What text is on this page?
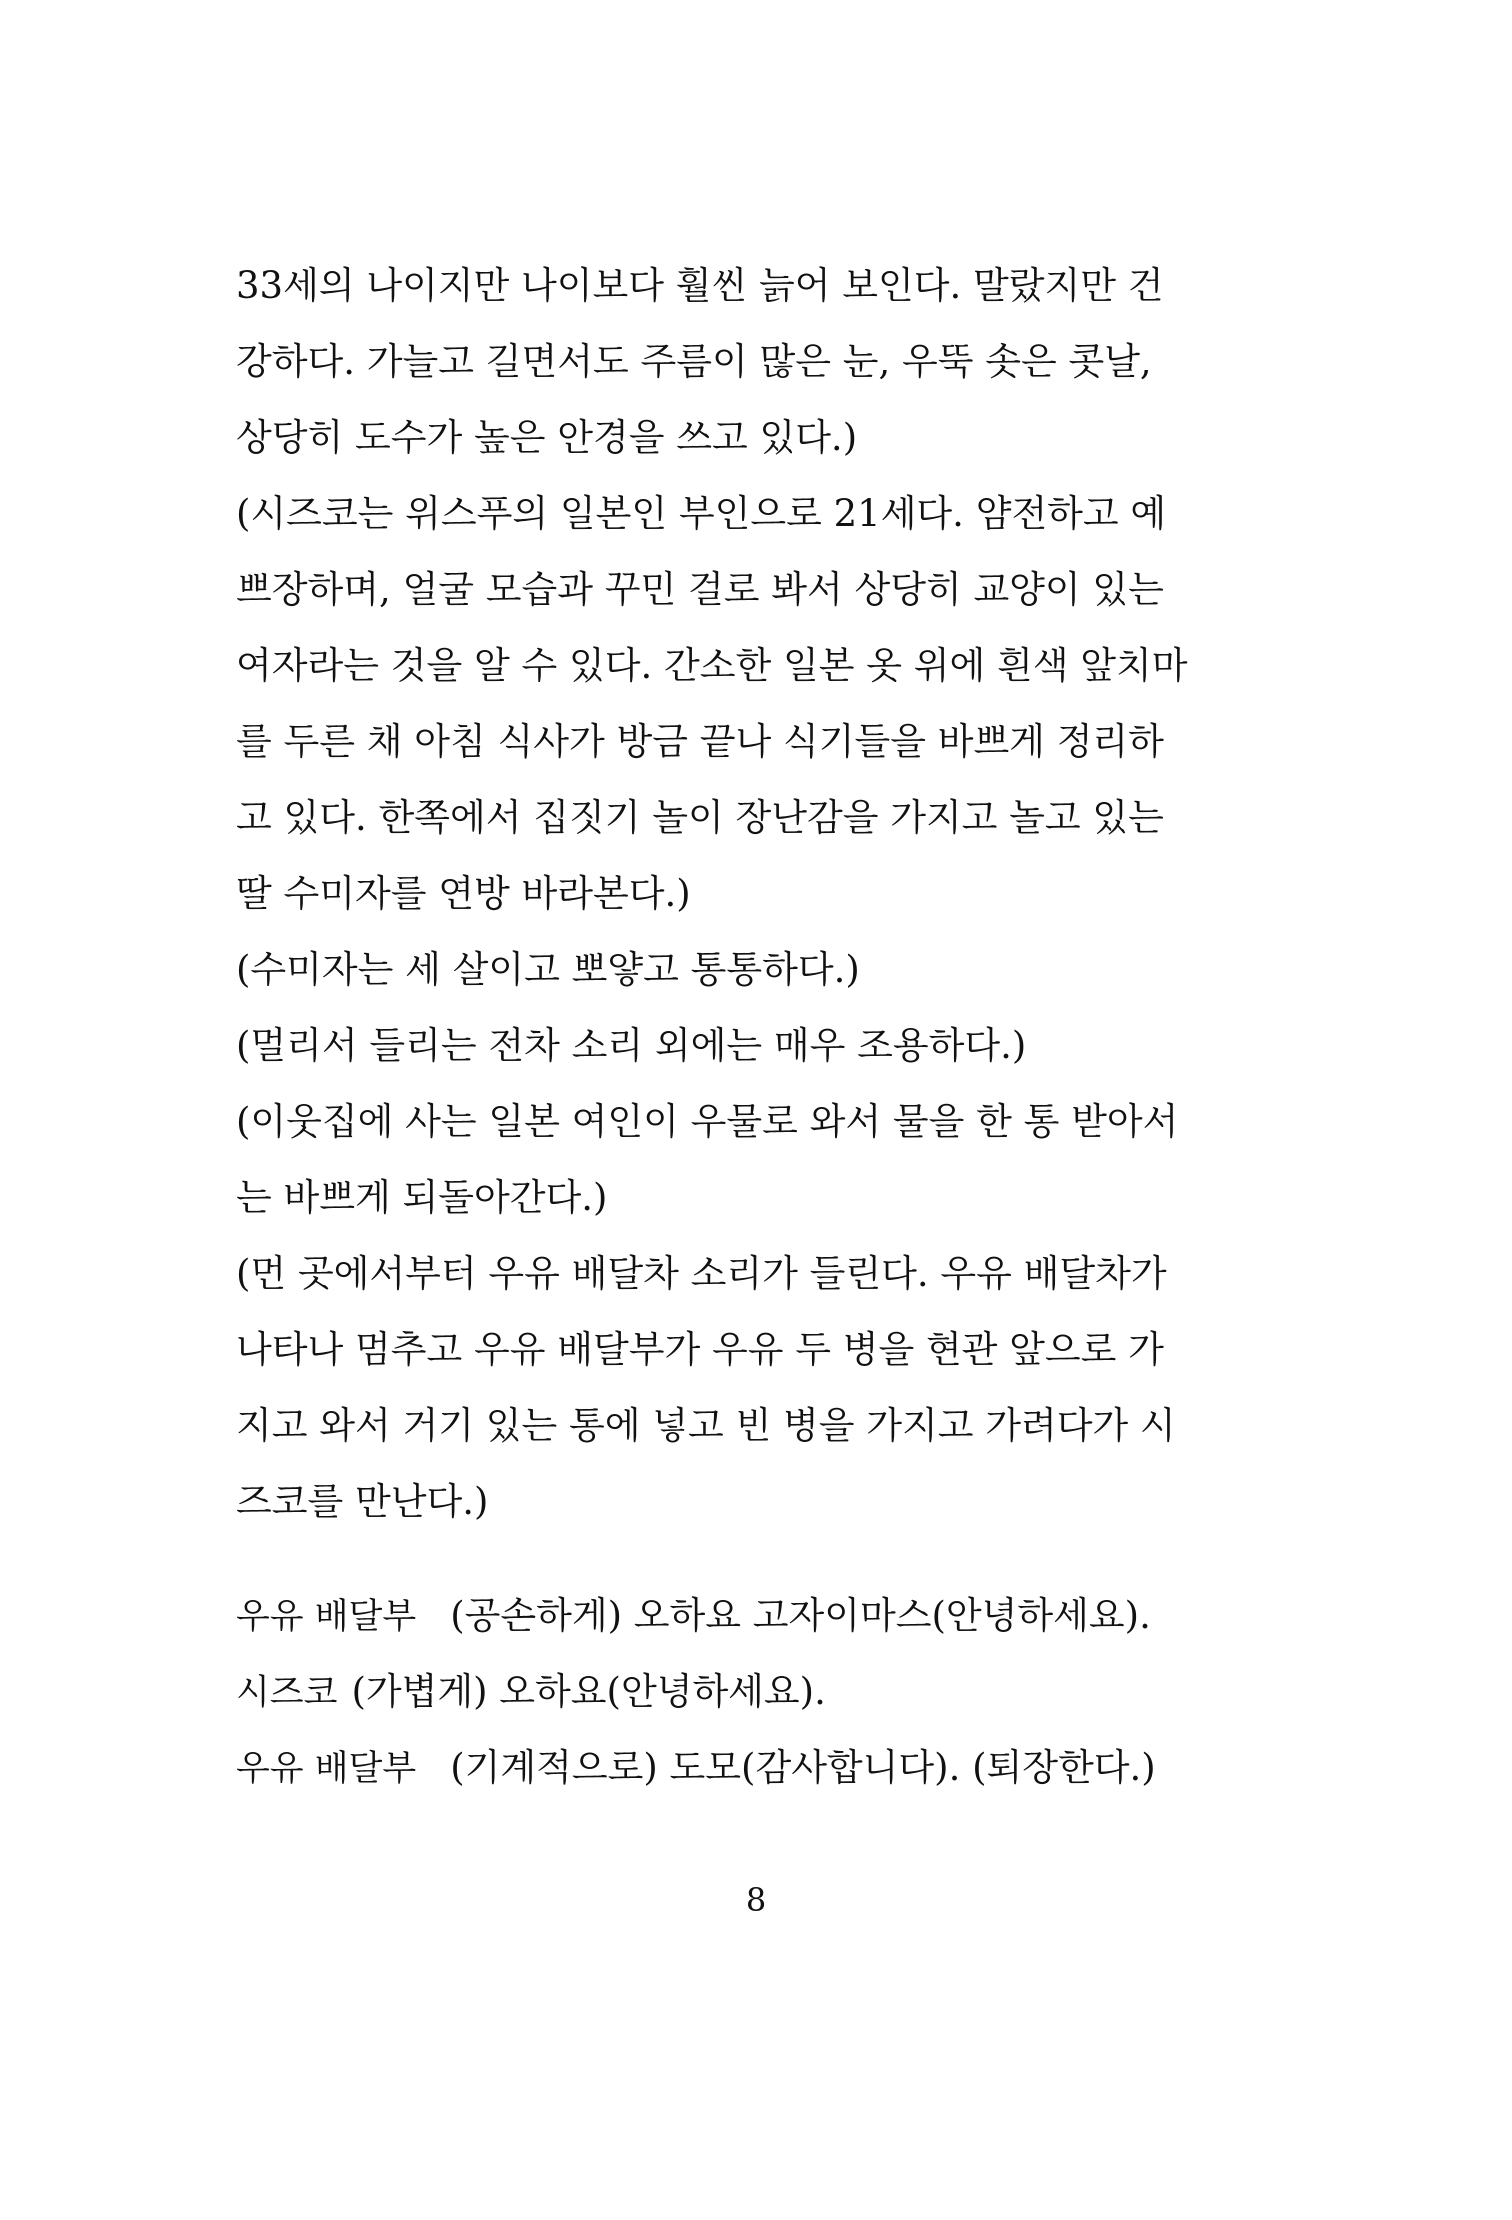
33세의 나이지만 나이보다 훨씬 늙어 보인다. 말랐지만 건
강하다. 가늘고 길면서도 주름이 많은 눈, 우뚝 솟은 콧날,
상당히 도수가 높은 안경을 쓰고 있다.)
(시즈코는 위스푸의 일본인 부인으로 21세다. 얌전하고 예
쁘장하며, 얼굴 모습과 꾸민 걸로 봐서 상당히 교양이 있는
여자라는 것을 알 수 있다. 간소한 일본 옷 위에 흰색 앞치마
를 두른 채 아침 식사가 방금 끝나 식기들을 바쁘게 정리하
고 있다. 한쪽에서 집짓기 놀이 장난감을 가지고 놀고 있는
딸 수미자를 연방 바라본다.)
(수미자는 세 살이고 뽀얗고 통통하다.)
(멀리서 들리는 전차 소리 외에는 매우 조용하다.)
(이웃집에 사는 일본 여인이 우물로 와서 물을 한 통 받아서
는 바쁘게 되돌아간다.)
(먼 곳에서부터 우유 배달차 소리가 들린다. 우유 배달차가
나타나 멈추고 우유 배달부가 우유 두 병을 현관 앞으로 가
지고 와서 거기 있는 통에 넣고 빈 병을 가지고 가려다가 시
즈코를 만난다.)
우유 배달부 (공손하게) 오하요 고자이마스(안녕하세요).
시즈코 (가볍게) 오하요(안녕하세요).
우유 배달부 (기계적으로) 도모(감사합니다). (퇴장한다.)
8
